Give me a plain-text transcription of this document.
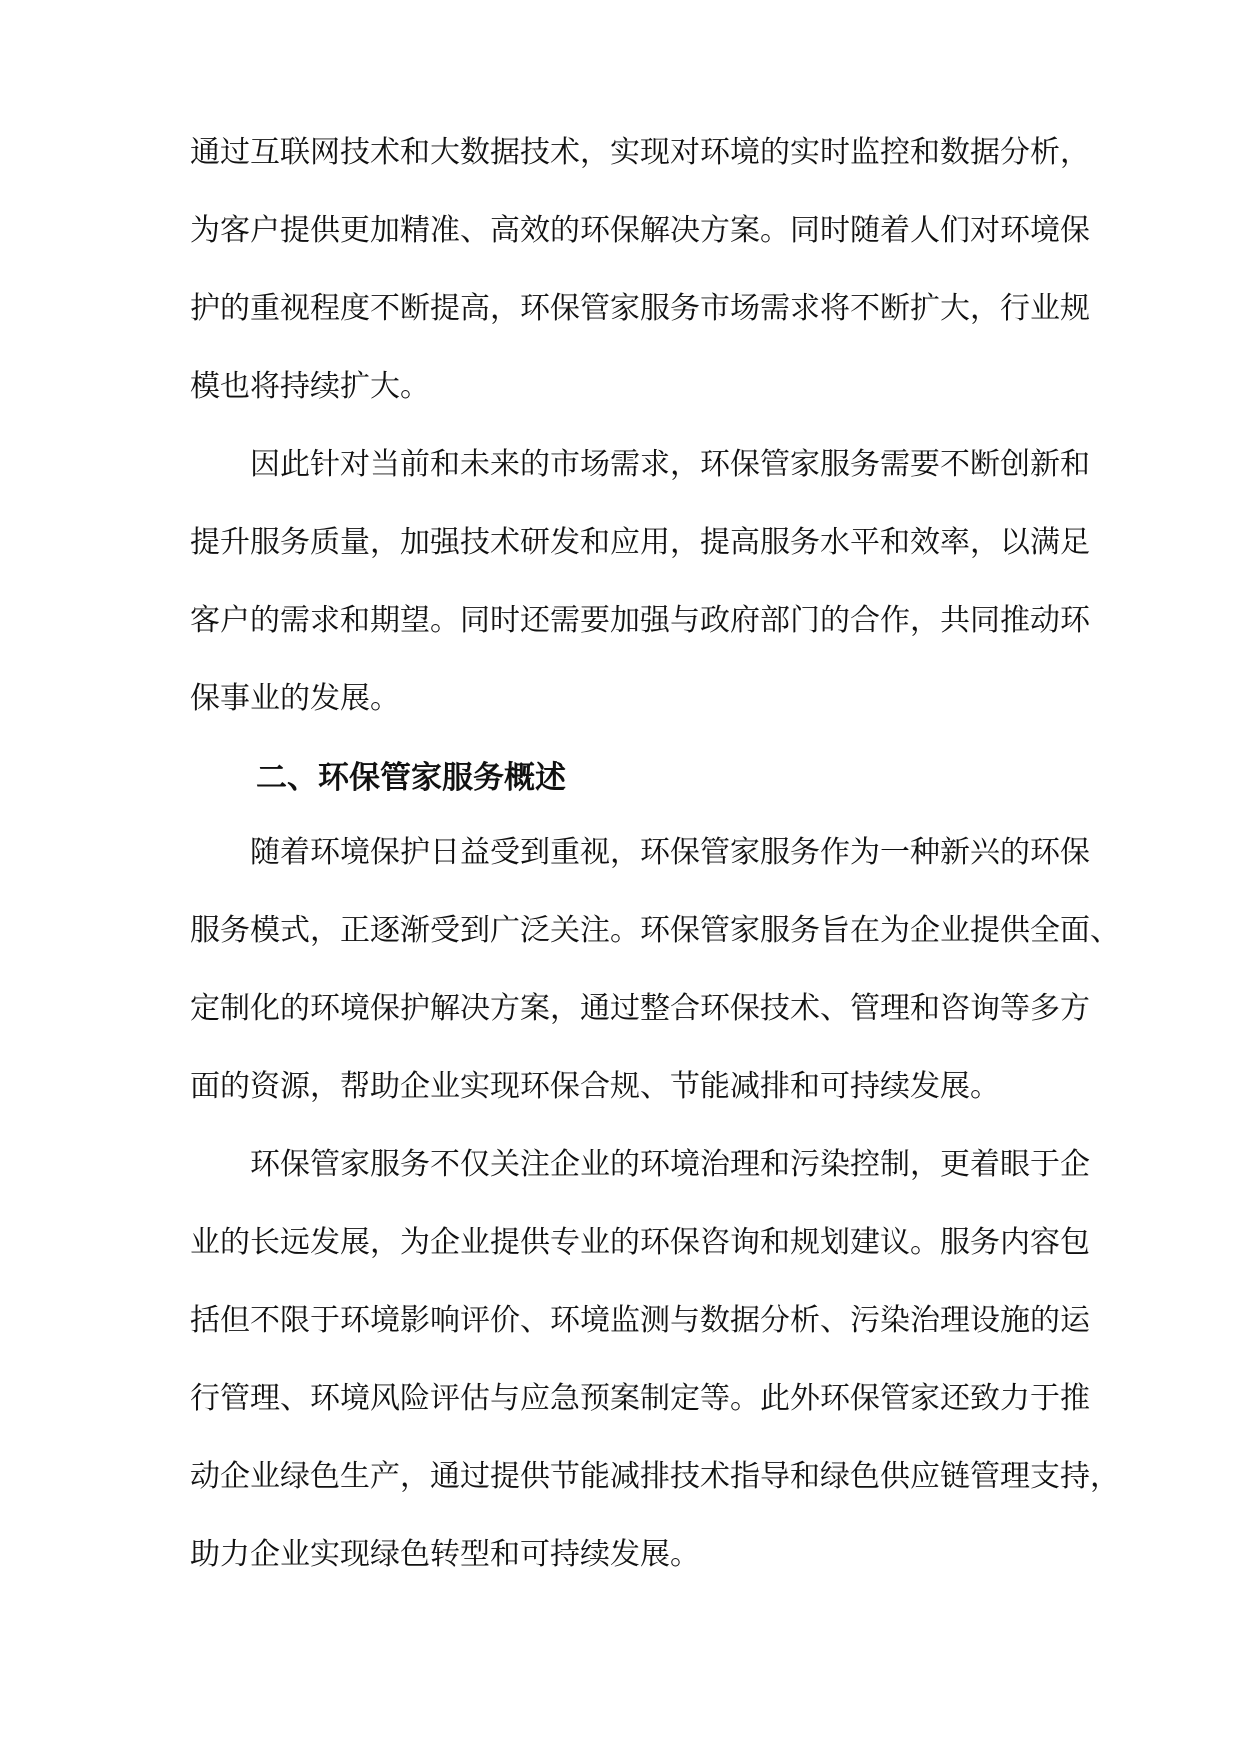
通过互联网技术和大数据技术，实现对环境的实时监控和数据分析，
为客户提供更加精准、高效的环保解决方案。同时随着人们对环境保
护的重视程度不断提高，环保管家服务市场需求将不断扩大，行业规
模也将持续扩大。
因此针对当前和未来的市场需求，环保管家服务需要不断创新和
提升服务质量，加强技术研发和应用，提高服务水平和效率，以满足
客户的需求和期望。同时还需要加强与政府部门的合作，共同推动环
保事业的发展。
二、环保管家服务概述
随着环境保护日益受到重视，环保管家服务作为一种新兴的环保
服务模式，正逐渐受到广泛关注。环保管家服务旨在为企业提供全面、
定制化的环境保护解决方案，通过整合环保技术、管理和咨询等多方
面的资源，帮助企业实现环保合规、节能减排和可持续发展。
环保管家服务不仅关注企业的环境治理和污染控制，更着眼于企
业的长远发展，为企业提供专业的环保咨询和规划建议。服务内容包
括但不限于环境影响评价、环境监测与数据分析、污染治理设施的运
行管理、环境风险评估与应急预案制定等。此外环保管家还致力于推
动企业绿色生产，通过提供节能减排技术指导和绿色供应链管理支持，
助力企业实现绿色转型和可持续发展。
